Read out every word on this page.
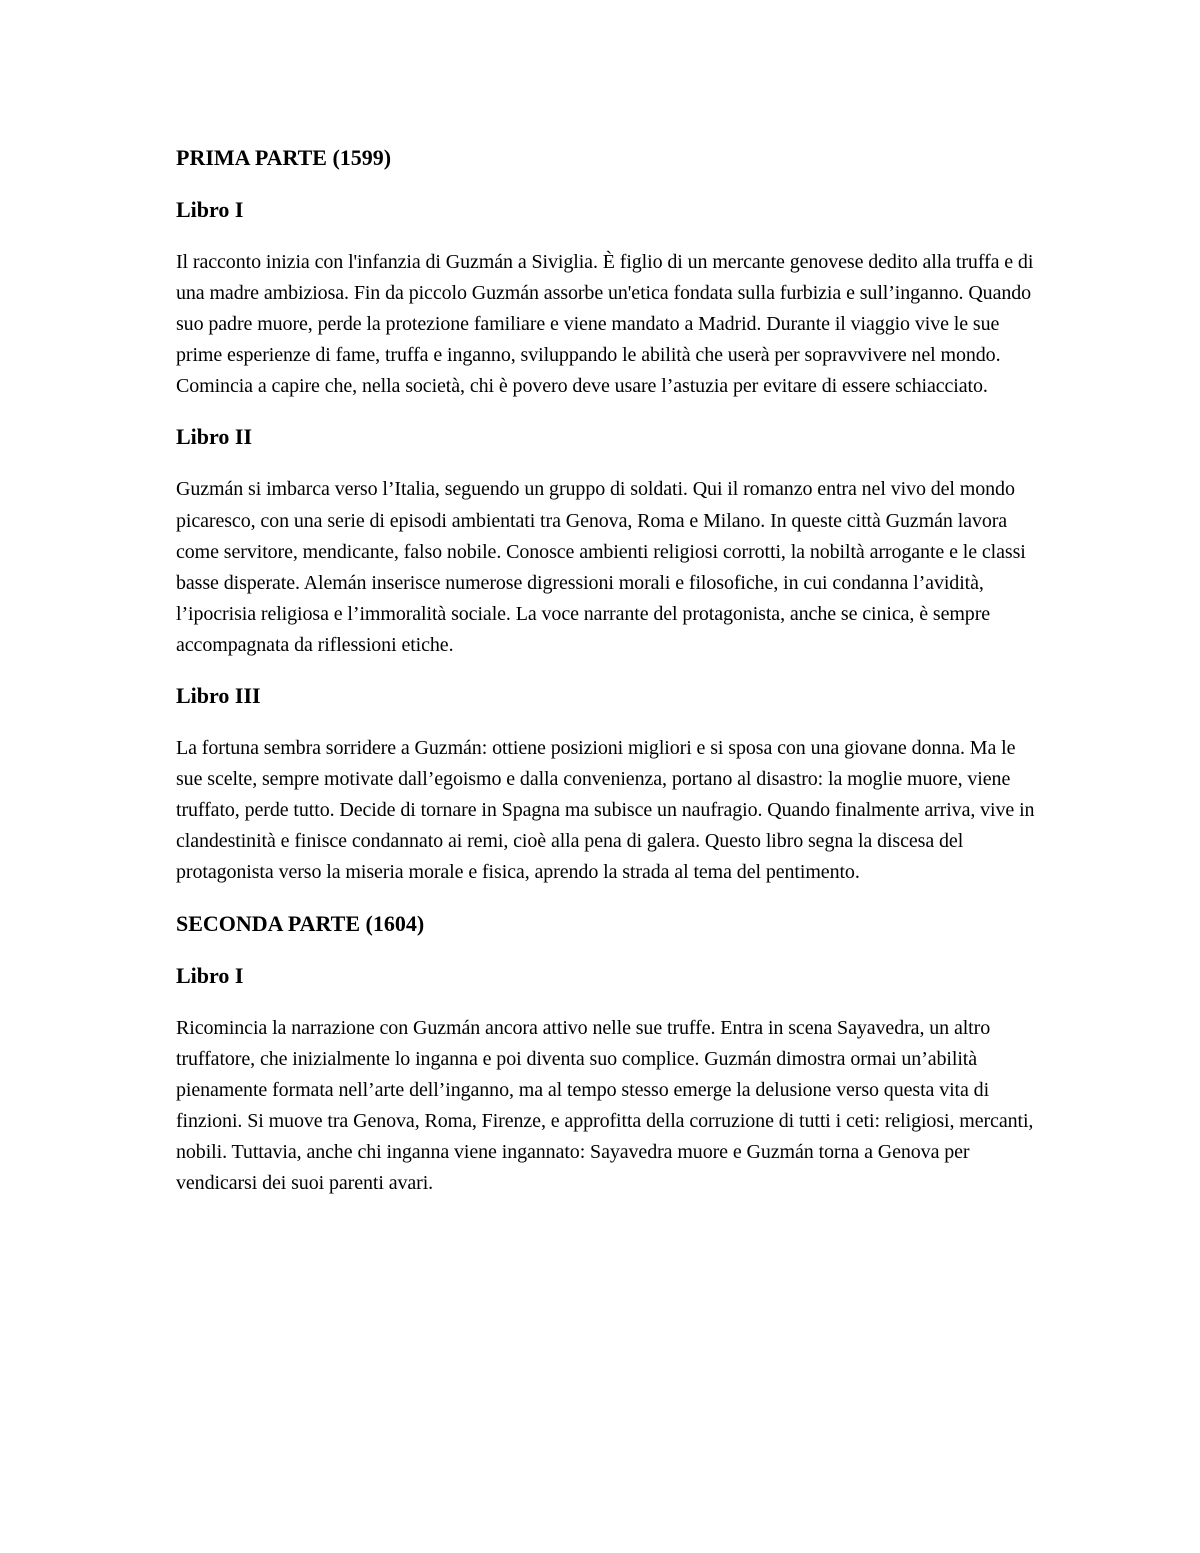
PRIMA PARTE (1599)
Libro I

Il racconto inizia con l'infanzia di Guzmán a Siviglia. È figlio di un mercante genovese dedito alla truffa e di una madre ambiziosa. Fin da piccolo Guzmán assorbe un'etica fondata sulla furbizia e sull’inganno. Quando suo padre muore, perde la protezione familiare e viene mandato a Madrid. Durante il viaggio vive le sue prime esperienze di fame, truffa e inganno, sviluppando le abilità che userà per sopravvivere nel mondo. Comincia a capire che, nella società, chi è povero deve usare l’astuzia per evitare di essere schiacciato.

Libro II

Guzmán si imbarca verso l’Italia, seguendo un gruppo di soldati. Qui il romanzo entra nel vivo del mondo picaresco, con una serie di episodi ambientati tra Genova, Roma e Milano. In queste città Guzmán lavora come servitore, mendicante, falso nobile. Conosce ambienti religiosi corrotti, la nobiltà arrogante e le classi basse disperate. Alemán inserisce numerose digressioni morali e filosofiche, in cui condanna l’avidità, l’ipocrisia religiosa e l’immoralità sociale. La voce narrante del protagonista, anche se cinica, è sempre accompagnata da riflessioni etiche.

Libro III

La fortuna sembra sorridere a Guzmán: ottiene posizioni migliori e si sposa con una giovane donna. Ma le sue scelte, sempre motivate dall’egoismo e dalla convenienza, portano al disastro: la moglie muore, viene truffato, perde tutto. Decide di tornare in Spagna ma subisce un naufragio. Quando finalmente arriva, vive in clandestinità e finisce condannato ai remi, cioè alla pena di galera. Questo libro segna la discesa del protagonista verso la miseria morale e fisica, aprendo la strada al tema del pentimento.

SECONDA PARTE (1604)
Libro I

Ricomincia la narrazione con Guzmán ancora attivo nelle sue truffe. Entra in scena Sayavedra, un altro truffatore, che inizialmente lo inganna e poi diventa suo complice. Guzmán dimostra ormai un’abilità pienamente formata nell’arte dell’inganno, ma al tempo stesso emerge la delusione verso questa vita di finzioni. Si muove tra Genova, Roma, Firenze, e approfitta della corruzione di tutti i ceti: religiosi, mercanti, nobili. Tuttavia, anche chi inganna viene ingannato: Sayavedra muore e Guzmán torna a Genova per vendicarsi dei suoi parenti avari.
